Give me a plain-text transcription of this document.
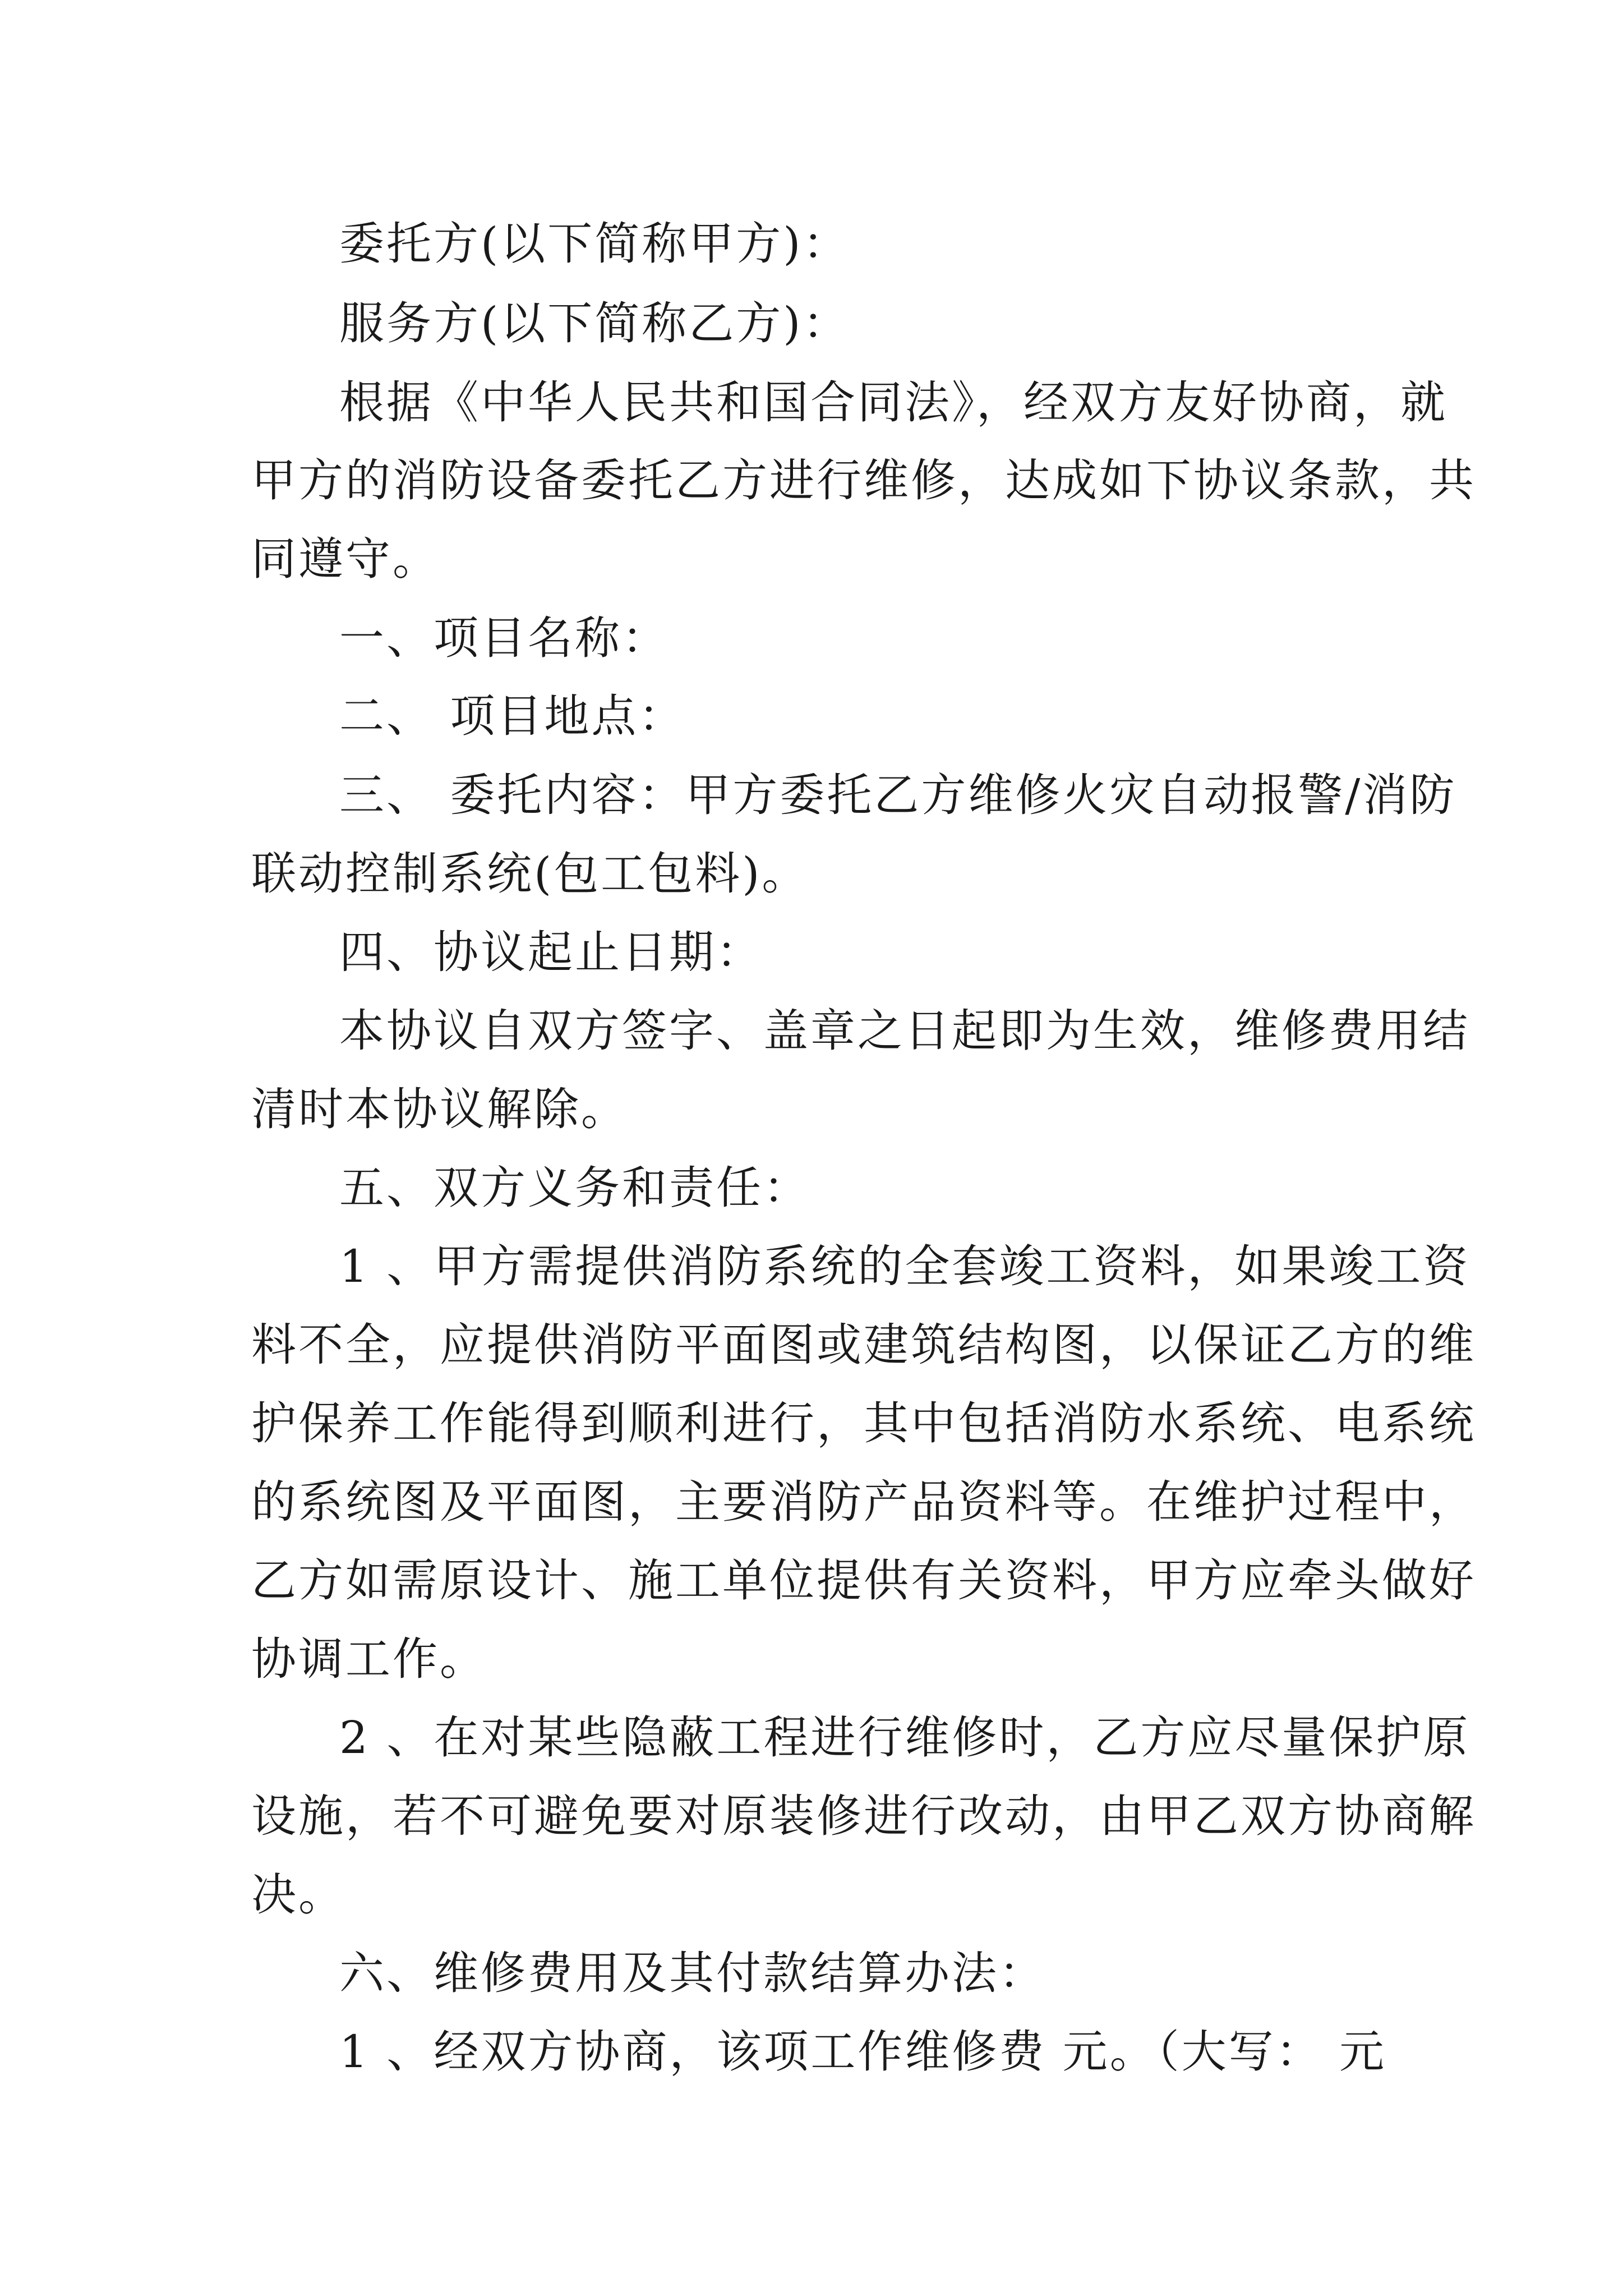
委托方(以下简称甲方)：
服务方(以下简称乙方)：
根据《中华人民共和国合同法》，经双方友好协商，就
甲方的消防设备委托乙方进行维修，达成如下协议条款，共
同遵守。
一、项目名称：
二、 项目地点：
三、 委托内容：甲方委托乙方维修火灾自动报警/消防
联动控制系统(包工包料)。
四、协议起止日期：
本协议自双方签字、盖章之日起即为生效，维修费用结
清时本协议解除。
五、双方义务和责任：
1 、甲方需提供消防系统的全套竣工资料，如果竣工资
料不全，应提供消防平面图或建筑结构图，以保证乙方的维
护保养工作能得到顺利进行，其中包括消防水系统、电系统
的系统图及平面图，主要消防产品资料等。在维护过程中，
乙方如需原设计、施工单位提供有关资料，甲方应牵头做好
协调工作。
2 、在对某些隐蔽工程进行维修时，乙方应尽量保护原
设施，若不可避免要对原装修进行改动，由甲乙双方协商解
决。
六、维修费用及其付款结算办法：
1 、经双方协商，该项工作维修费 元。（大写： 元
